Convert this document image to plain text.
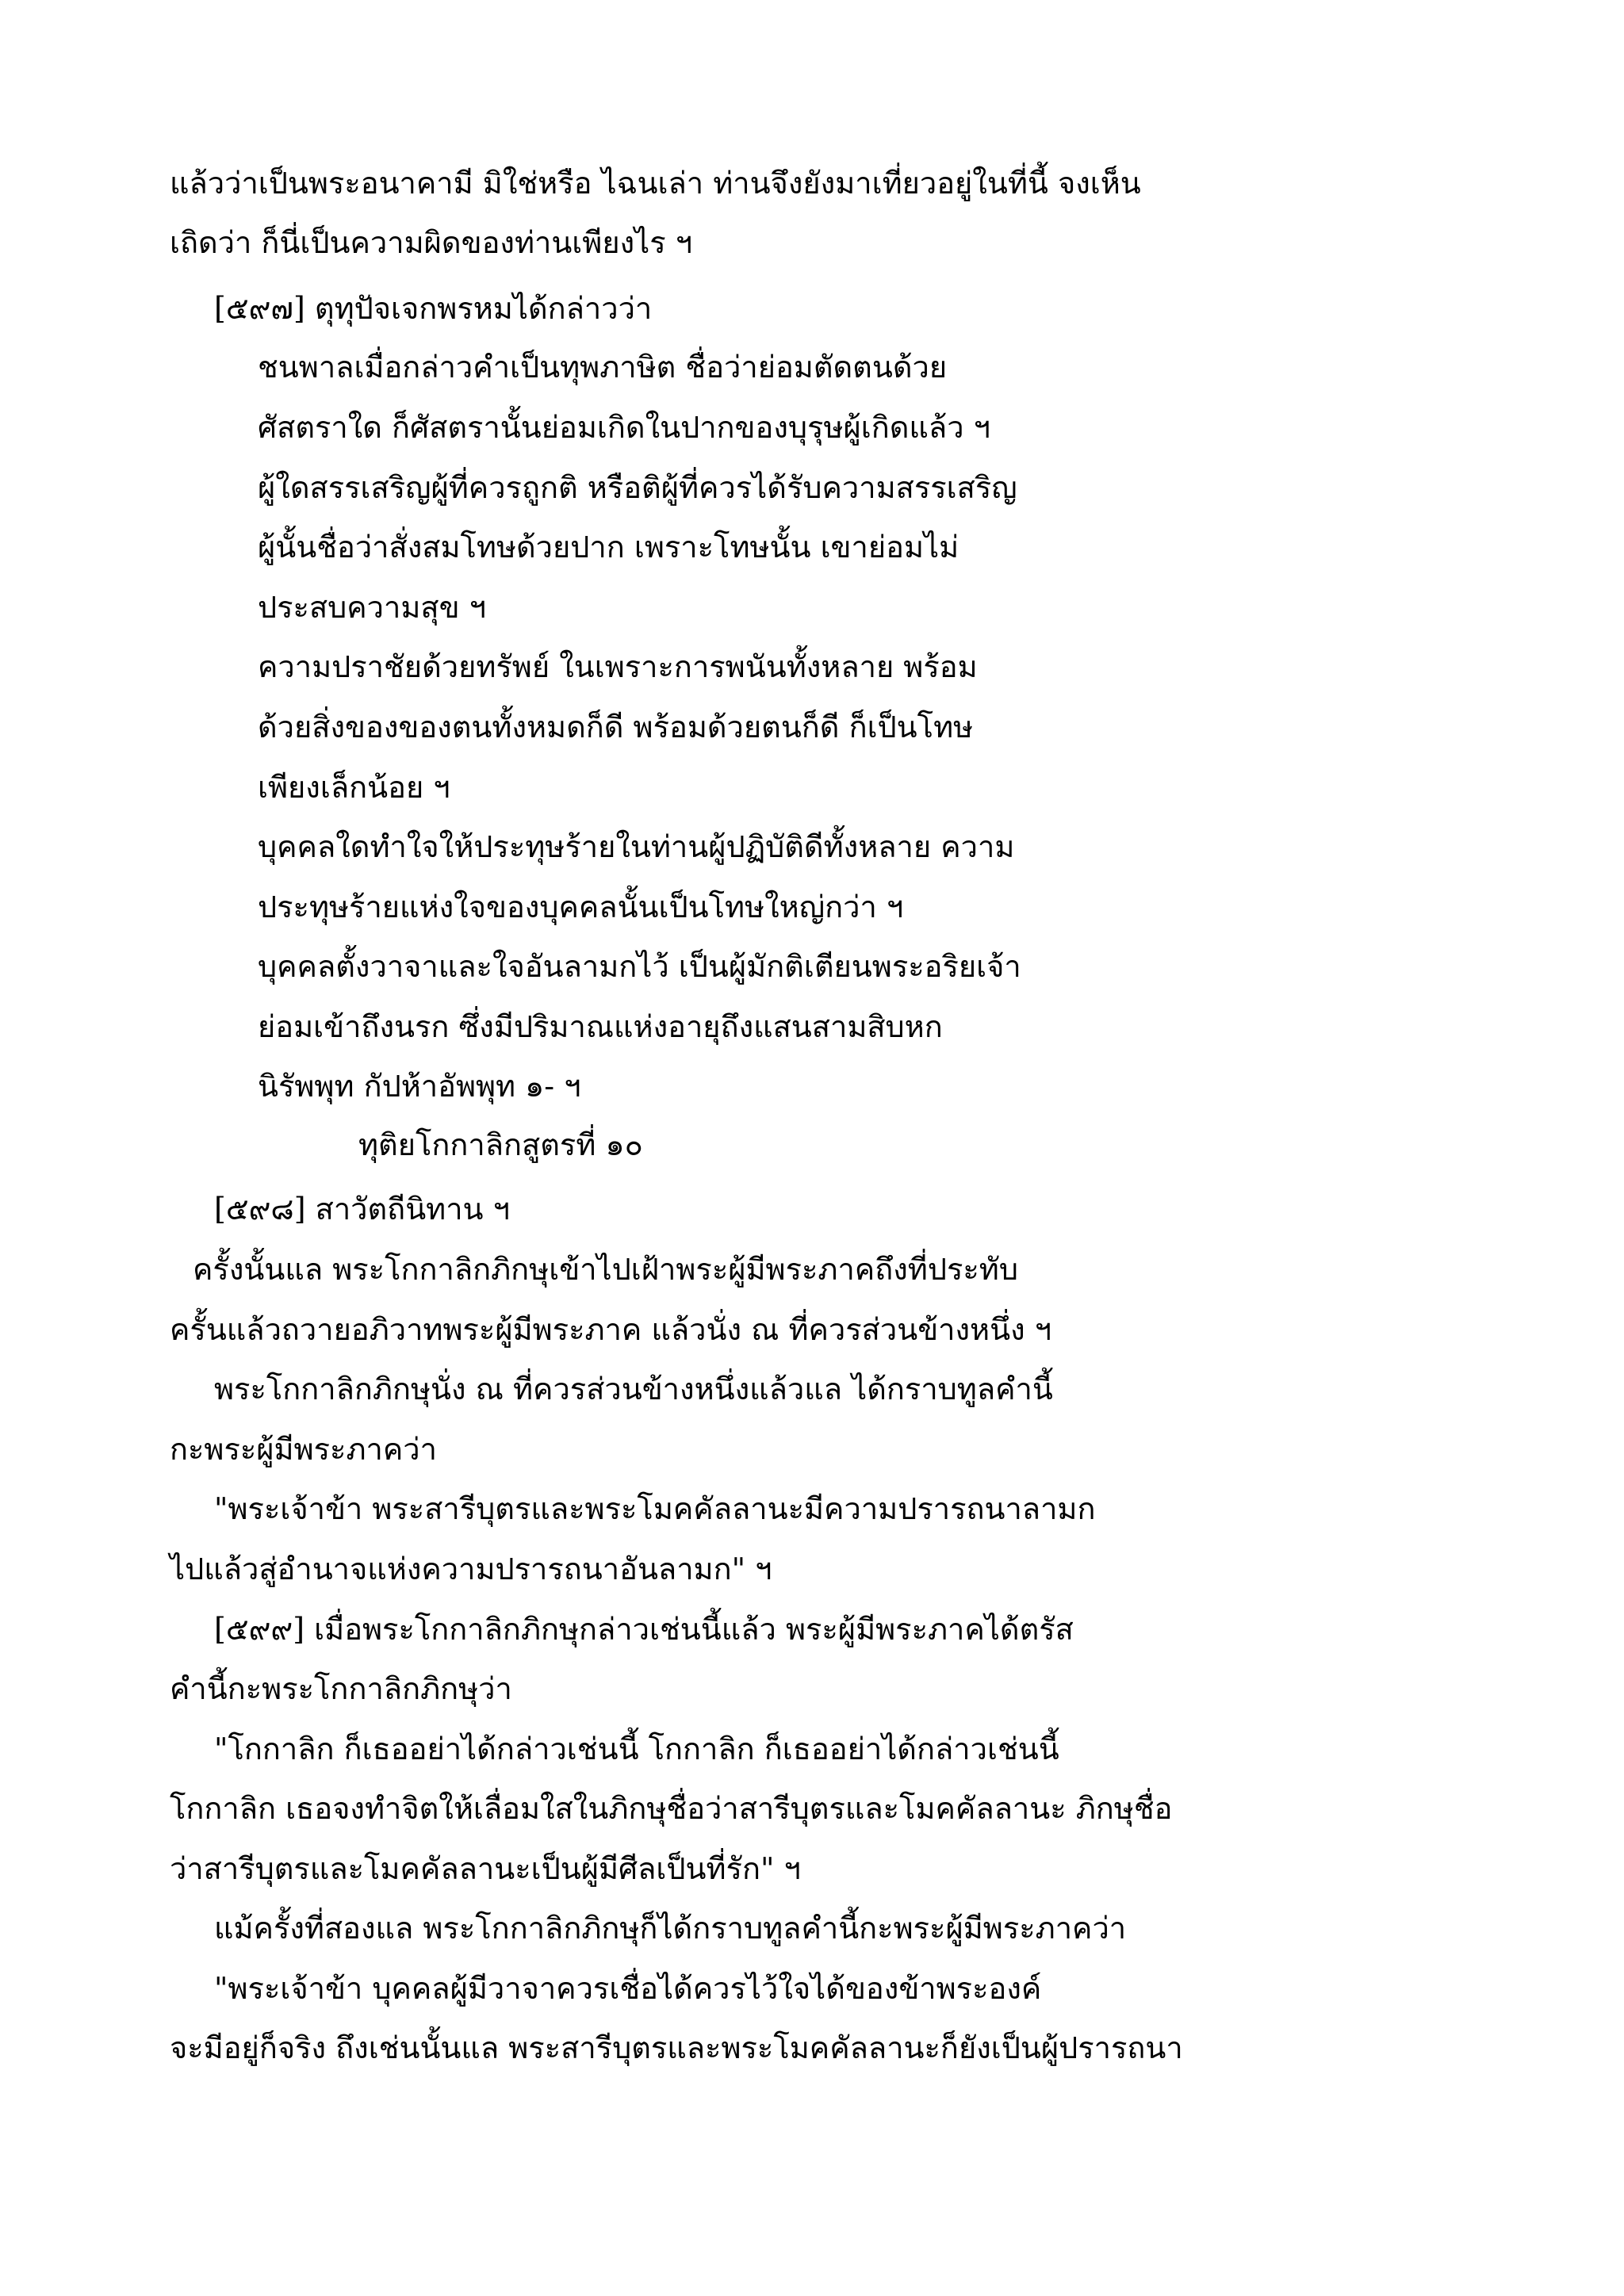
แล้วว่าเป็นพระอนาคามี มิใช่หรือ ไฉนเล่า ท่านจึงยังมาเที่ยวอยู่ในที่นี้ จงเห็น
เถิดว่า ก็นี่เป็นความผิดของท่านเพียงไร ฯ
[๕๙๗] ตุทุปัจเจกพรหมได้กล่าวว่า
ชนพาลเมื่อกล่าวคำเป็นทุพภาษิต ชื่อว่าย่อมตัดตนด้วย
ศัสตราใด ก็ศัสตรานั้นย่อมเกิดในปากของบุรุษผู้เกิดแล้ว ฯ
ผู้ใดสรรเสริญผู้ที่ควรถูกติ หรือติผู้ที่ควรได้รับความสรรเสริญ
ผู้นั้นชื่อว่าสั่งสมโทษด้วยปาก เพราะโทษนั้น เขาย่อมไม่
ประสบความสุข ฯ
ความปราชัยด้วยทรัพย์ ในเพราะการพนันทั้งหลาย พร้อม
ด้วยสิ่งของของตนทั้งหมดก็ดี พร้อมด้วยตนก็ดี ก็เป็นโทษ
เพียงเล็กน้อย ฯ
บุคคลใดทำใจให้ประทุษร้ายในท่านผู้ปฏิบัติดีทั้งหลาย ความ
ประทุษร้ายแห่งใจของบุคคลนั้นเป็นโทษใหญ่กว่า ฯ
บุคคลตั้งวาจาและใจอันลามกไว้ เป็นผู้มักติเตียนพระอริยเจ้า
ย่อมเข้าถึงนรก ซึ่งมีปริมาณแห่งอายุถึงแสนสามสิบหก
นิรัพพุท กัปห้าอัพพุท ๑- ฯ
ทุติยโกกาลิกสูตรที่ ๑๐
[๕๙๘] สาวัตถีนิทาน ฯ
ครั้งนั้นแล พระโกกาลิกภิกษุเข้าไปเฝ้าพระผู้มีพระภาคถึงที่ประทับ
ครั้นแล้วถวายอภิวาทพระผู้มีพระภาค แล้วนั่ง ณ ที่ควรส่วนข้างหนึ่ง ฯ
พระโกกาลิกภิกษุนั่ง ณ ที่ควรส่วนข้างหนึ่งแล้วแล ได้กราบทูลคำนี้
กะพระผู้มีพระภาคว่า
"พระเจ้าข้า พระสารีบุตรและพระโมคคัลลานะมีความปรารถนาลามก
ไปแล้วสู่อำนาจแห่งความปรารถนาอันลามก" ฯ
[๕๙๙] เมื่อพระโกกาลิกภิกษุกล่าวเช่นนี้แล้ว พระผู้มีพระภาคได้ตรัส
คำนี้กะพระโกกาลิกภิกษุว่า
"โกกาลิก ก็เธออย่าได้กล่าวเช่นนี้ โกกาลิก ก็เธออย่าได้กล่าวเช่นนี้
โกกาลิก เธอจงทำจิตให้เลื่อมใสในภิกษุชื่อว่าสารีบุตรและโมคคัลลานะ ภิกษุชื่อ
ว่าสารีบุตรและโมคคัลลานะเป็นผู้มีศีลเป็นที่รัก" ฯ
แม้ครั้งที่สองแล พระโกกาลิกภิกษุก็ได้กราบทูลคำนี้กะพระผู้มีพระภาคว่า
"พระเจ้าข้า บุคคลผู้มีวาจาควรเชื่อได้ควรไว้ใจได้ของข้าพระองค์
จะมีอยู่ก็จริง ถึงเช่นนั้นแล พระสารีบุตรและพระโมคคัลลานะก็ยังเป็นผู้ปรารถนา
